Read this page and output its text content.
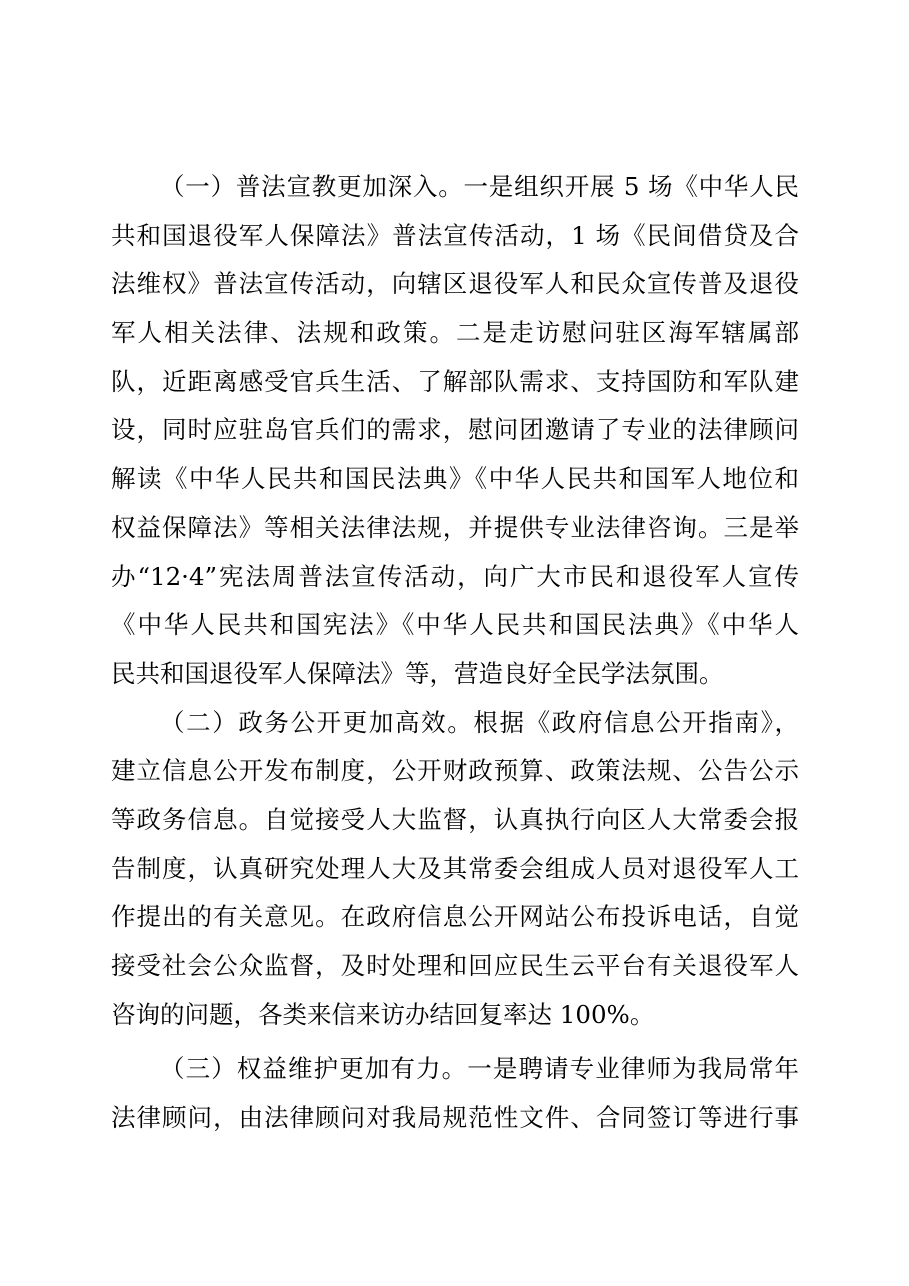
（一）普法宣教更加深入。一是组织开展 5 场《中华人民
共和国退役军人保障法》普法宣传活动，1 场《民间借贷及合
法维权》普法宣传活动，向辖区退役军人和民众宣传普及退役
军人相关法律、法规和政策。二是走访慰问驻区海军辖属部
队，近距离感受官兵生活、了解部队需求、支持国防和军队建
设，同时应驻岛官兵们的需求，慰问团邀请了专业的法律顾问
解读《中华人民共和国民法典》《中华人民共和国军人地位和
权益保障法》等相关法律法规，并提供专业法律咨询。三是举
办“12·4”宪法周普法宣传活动，向广大市民和退役军人宣传
《中华人民共和国宪法》《中华人民共和国民法典》《中华人
民共和国退役军人保障法》等，营造良好全民学法氛围。
（二）政务公开更加高效。根据《政府信息公开指南》，
建立信息公开发布制度，公开财政预算、政策法规、公告公示
等政务信息。自觉接受人大监督，认真执行向区人大常委会报
告制度，认真研究处理人大及其常委会组成人员对退役军人工
作提出的有关意见。在政府信息公开网站公布投诉电话，自觉
接受社会公众监督，及时处理和回应民生云平台有关退役军人
咨询的问题，各类来信来访办结回复率达 100%。
（三）权益维护更加有力。一是聘请专业律师为我局常年
法律顾问，由法律顾问对我局规范性文件、合同签订等进行事
